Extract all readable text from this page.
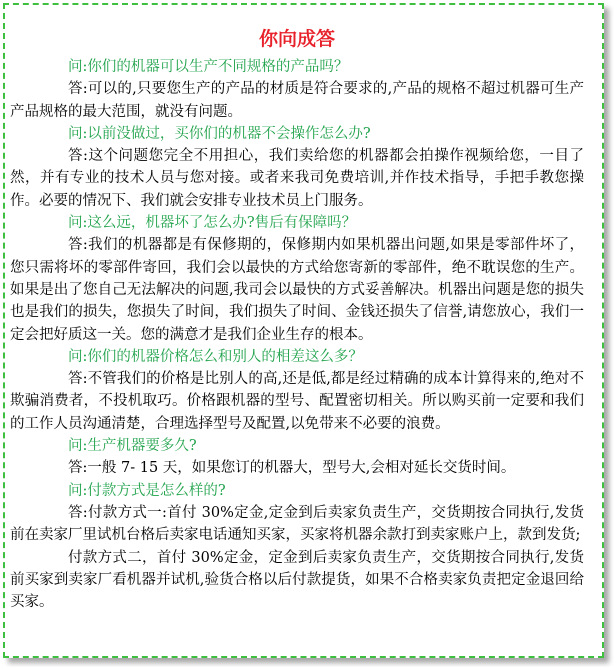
你向成答

问:你们的机器可以生产不同规格的产品吗？

答:可以的,只要您生产的产品的材质是符合要求的,产品的规格不超过机器可生产产品规格的最大范围，就没有问题。

问:以前没做过，买你们的机器不会操作怎么办?

答:这个问题您完全不用担心，我们卖给您的机器都会拍操作视频给您，一目了然，并有专业的技术人员与您对接。或者来我司免费培训,并作技术指导，手把手教您操作。必要的情况下、我们就会安排专业技术员上门服务。

问:这么远，机器坏了怎么办?售后有保障吗？

答:我们的机器都是有保修期的，保修期内如果机器出问题,如果是零部件坏了，您只需将坏的零部件寄回，我们会以最快的方式给您寄新的零部件，绝不耽误您的生产。如果是出了您自己无法解决的问题,我司会以最快的方式妥善解决。机器出问题是您的损失也是我们的损失，您损失了时间，我们损失了时间、金钱还损失了信誉,请您放心，我们一定会把好质这一关。您的满意才是我们企业生存的根本。

问:你们的机器价格怎么和别人的相差这么多？

答:不管我们的价格是比别人的高,还是低,都是经过精确的成本计算得来的,绝对不欺骗消费者，不投机取巧。价格跟机器的型号、配置密切相关。所以购买前一定要和我们的工作人员沟通清楚，合理选择型号及配置,以免带来不必要的浪费。

问:生产机器要多久?

答:一般 7- 15 天，如果您订的机器大，型号大,会相对延长交货时间。

问:付款方式是怎么样的?

答:付款方式一:首付 30%定金,定金到后卖家负责生产，交货期按合同执行,发货前在卖家厂里试机台格后卖家电话通知买家，买家将机器余款打到卖家账户上，款到发货;

付款方式二，首付 30%定金，定金到后卖家负责生产，交货期按合同执行,发货前买家到卖家厂看机器并试机,验货合格以后付款提货，如果不合格卖家负责把定金退回给买家。
